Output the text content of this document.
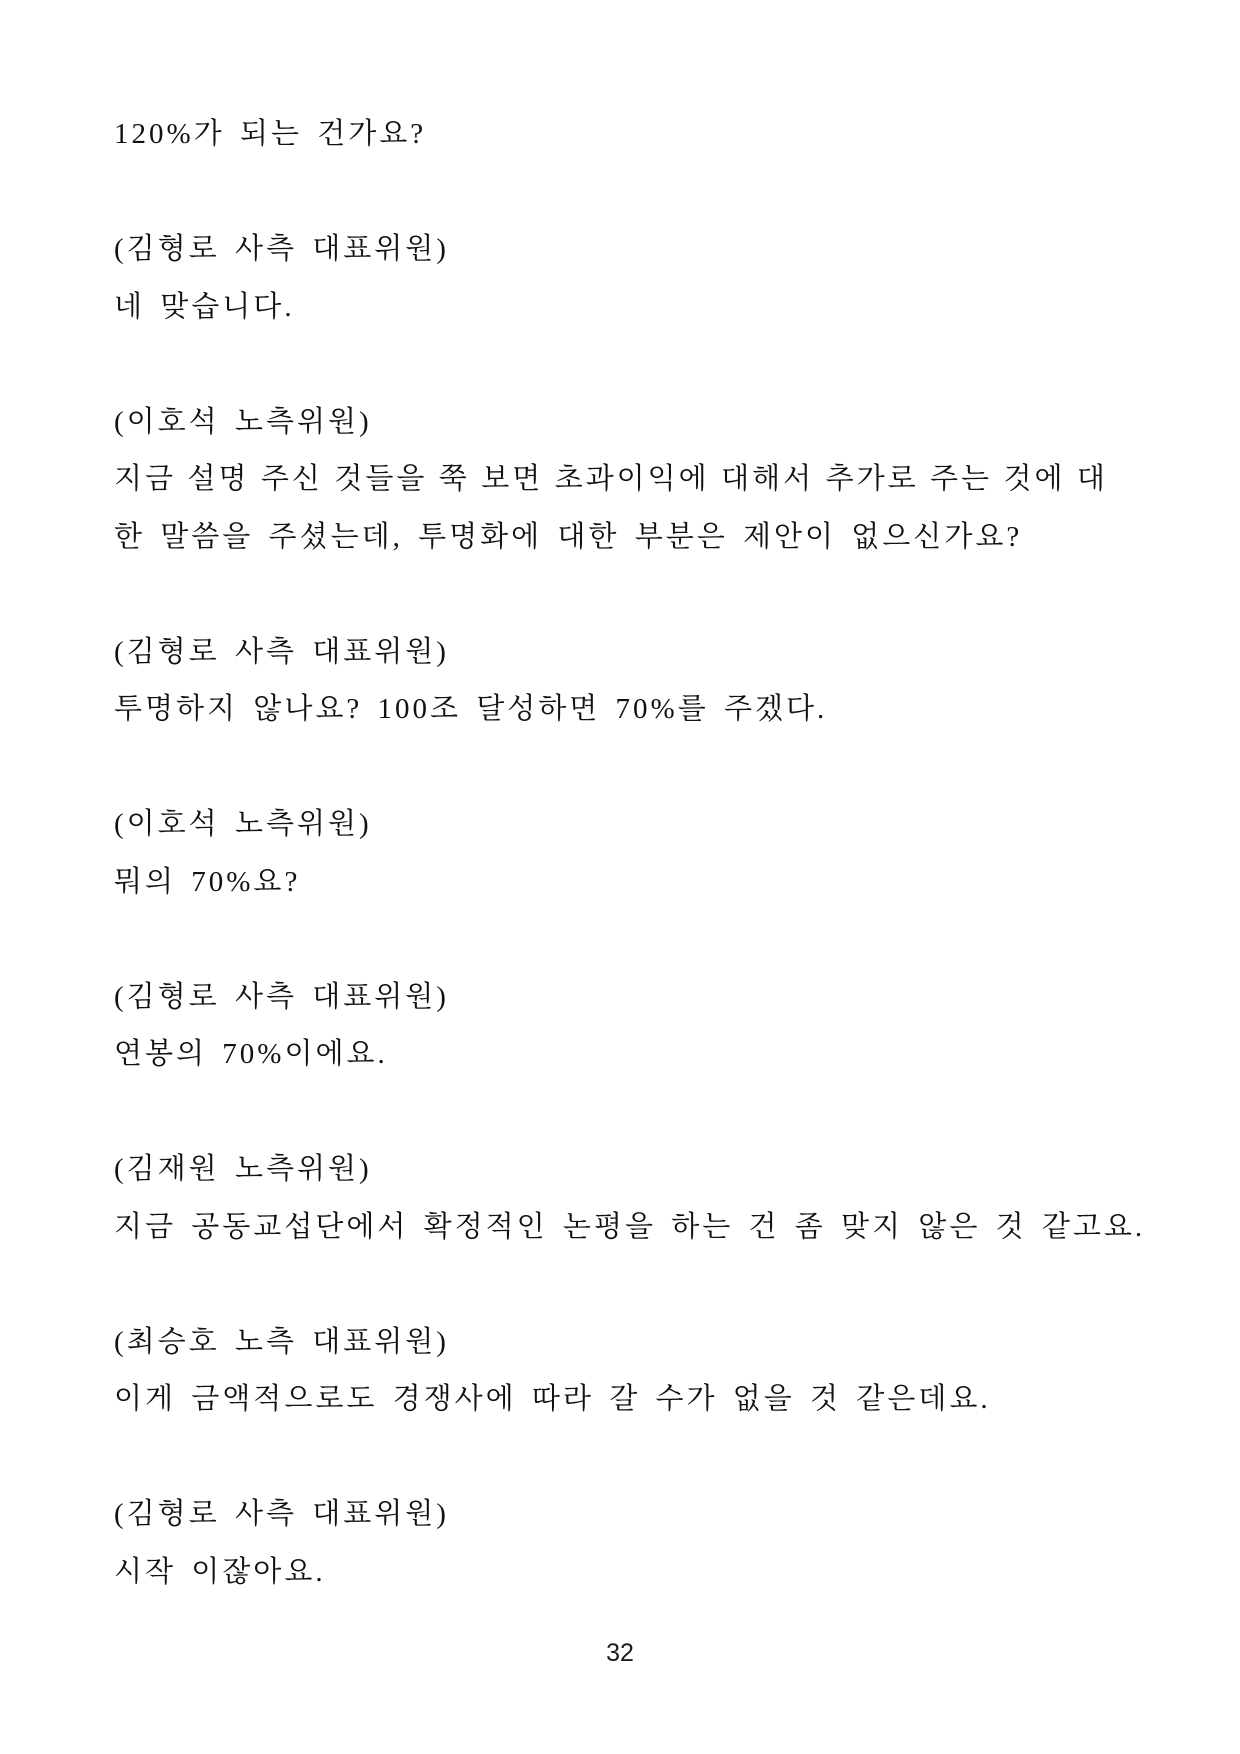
120%가 되는 건가요?
(김형로 사측 대표위원)
네 맞습니다.
(이호석 노측위원)
지금 설명 주신 것들을 쭉 보면 초과이익에 대해서 추가로 주는 것에 대
한 말씀을 주셨는데, 투명화에 대한 부분은 제안이 없으신가요?
(김형로 사측 대표위원)
투명하지 않나요? 100조 달성하면 70%를 주겠다.
(이호석 노측위원)
뭐의 70%요?
(김형로 사측 대표위원)
연봉의 70%이에요.
(김재원 노측위원)
지금 공동교섭단에서 확정적인 논평을 하는 건 좀 맞지 않은 것 같고요.
(최승호 노측 대표위원)
이게 금액적으로도 경쟁사에 따라 갈 수가 없을 것 같은데요.
(김형로 사측 대표위원)
시작 이잖아요.
32
